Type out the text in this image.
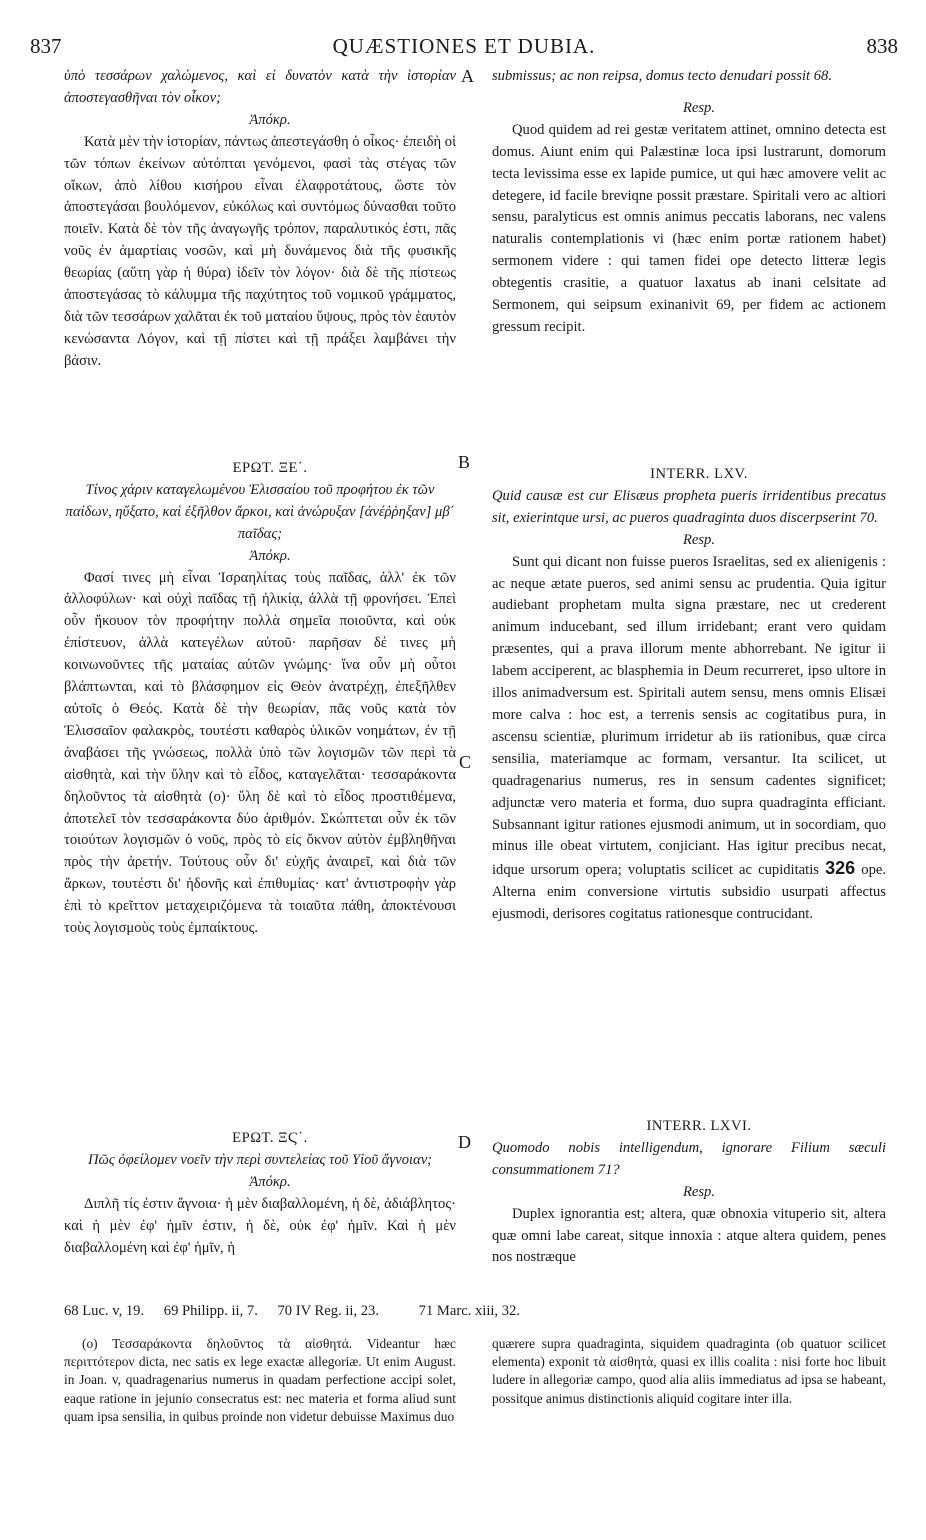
837	QUÆSTIONES ET DUBIA.	838
A
B
C
D

ὑπὸ τεσσάρων χαλώμενος, καὶ εἰ δυνατὸν κατὰ τὴν ἱστορίαν ἀποστεγασθῆναι τὸν οἶκον;

Ἀπόκρ.

Κατὰ μὲν τὴν ἱστορίαν, πάντως ἀπεστεγάσθη ὁ οἶκος· ἐπειδὴ οἱ τῶν τόπων ἐκείνων αὐτόπται γενόμενοι, φασὶ τὰς στέγας τῶν οἴκων, ἀπὸ λίθου κισήρου εἶναι ἐλαφροτάτους, ὥστε τὸν ἀποστεγάσαι βουλόμενον, εὐκόλως καὶ συντόμως δύνασθαι τοῦτο ποιεῖν. Κατὰ δὲ τὸν τῆς ἀναγωγῆς τρόπον, παραλυτικός ἐστι, πᾶς νοῦς ἐν ἁμαρτίαις νοσῶν, καὶ μὴ δυνάμενος διὰ τῆς φυσικῆς θεωρίας (αὕτη γὰρ ἡ θύρα) ἰδεῖν τὸν λόγον· διὰ δὲ τῆς πίστεως ἀποστεγάσας τὸ κάλυμμα τῆς παχύτητος τοῦ νομικοῦ γράμματος, διὰ τῶν τεσσάρων χαλᾶται ἐκ τοῦ ματαίου ὕψους, πρὸς τὸν ἑαυτὸν κενώσαντα Λόγον, καὶ τῇ πίστει καὶ τῇ πράξει λαμβάνει τὴν βάσιν.

ΕΡΩΤ. ΞΕ΄.

Τίνος χάριν καταγελωμένου Ἐλισσαίου τοῦ προφήτου ἐκ τῶν παίδων, ηὔξατο, καὶ ἐξῆλθον ἄρκοι, καὶ ἀνώρυξαν [ἀνέῤῥηξαν] μβ΄ παῖδας;

Ἀπόκρ.

Φασί τινες μὴ εἶναι Ἰσραηλίτας τοὺς παῖδας, ἀλλ' ἐκ τῶν ἀλλοφύλων· καὶ οὐχὶ παῖδας τῇ ἡλικίᾳ, ἀλλὰ τῇ φρονήσει. Ἐπεὶ οὖν ἤκουον τὸν προφήτην πολλὰ σημεῖα ποιοῦντα, καὶ οὐκ ἐπίστευον, ἀλλὰ κατεγέλων αὐτοῦ· παρῆσαν δέ τινες μὴ κοινωνοῦντες τῆς ματαίας αὐτῶν γνώμης· ἵνα οὖν μὴ οὗτοι βλάπτωνται, καὶ τὸ βλάσφημον εἰς Θεὸν ἀνατρέχῃ, ἐπεξῆλθεν αὐτοῖς ὁ Θεός. Κατὰ δὲ τὴν θεωρίαν, πᾶς νοῦς κατὰ τὸν Ἐλισσαῖον φαλακρὸς, τουτέστι καθαρὸς ὑλικῶν νοημάτων, ἐν τῇ ἀναβάσει τῆς γνώσεως, πολλὰ ὑπὸ τῶν λογισμῶν τῶν περὶ τὰ αἰσθητὰ, καὶ τὴν ὕλην καὶ τὸ εἶδος, καταγελᾶται· τεσσαράκοντα δηλοῦντος τὰ αἰσθητὰ (ο)· ὕλη δὲ καὶ τὸ εἶδος προστιθέμενα, ἀποτελεῖ τὸν τεσσαράκοντα δύο ἀριθμόν. Σκώπτεται οὖν ἐκ τῶν τοιούτων λογισμῶν ὁ νοῦς, πρὸς τὸ εἰς ὄκνον αὐτὸν ἐμβληθῆναι πρὸς τὴν ἀρετήν. Τούτους οὖν δι' εὐχῆς ἀναιρεῖ, καὶ διὰ τῶν ἄρκων, τουτέστι δι' ἡδονῆς καὶ ἐπιθυμίας· κατ' ἀντιστροφὴν γὰρ ἐπὶ τὸ κρεῖττον μεταχειριζόμενα τὰ τοιαῦτα πάθη, ἀποκτένουσι τοὺς λογισμοὺς τοὺς ἐμπαίκτους.

ΕΡΩΤ. ΞϚ΄.

Πῶς ὀφείλομεν νοεῖν τὴν περὶ συντελείας τοῦ Υἱοῦ ἄγνοιαν;

Ἀπόκρ.

Διπλῆ τίς ἐστιν ἄγνοια· ἡ μὲν διαβαλλομένη, ἡ δὲ, ἀδιάβλητος· καὶ ἡ μὲν ἐφ' ἡμῖν ἐστιν, ἡ δὲ, οὐκ ἐφ' ἡμῖν. Καὶ ἡ μὲν διαβαλλομένη καὶ ἐφ' ἡμῖν, ἡ

submissus; ac non reipsa, domus tecto denudari possit 68.

Resp.

Quod quidem ad rei gestæ veritatem attinet, omnino detecta est domus. Aiunt enim qui Palæstinæ loca ipsi lustrarunt, domorum tecta levissima esse ex lapide pumice, ut qui hæc amovere velit ac detegere, id facile breviqne possit præstare. Spiritali vero ac altiori sensu, paralyticus est omnis animus peccatis laborans, nec valens naturalis contemplationis vi (hæc enim portæ rationem habet) sermonem videre : qui tamen fidei ope detecto litteræ legis obtegentis crasitie, a quatuor laxatus ab inani celsitate ad Sermonem, qui seipsum exinanivit 69, per fidem ac actionem gressum recipit.

INTERR. LXV.

Quid causæ est cur Elisæus propheta pueris irridentibus precatus sit, exierintque ursi, ac pueros quadraginta duos discerpserint 70.

Resp.

Sunt qui dicant non fuisse pueros Israelitas, sed ex alienigenis : ac neque ætate pueros, sed animi sensu ac prudentia. Quia igitur audiebant prophetam multa signa præstare, nec ut crederent animum inducebant, sed illum irridebant; erant vero quidam præsentes, qui a prava illorum mente abhorrebant. Ne igitur ii labem acciperent, ac blasphemia in Deum recurreret, ipso ultore in illos animadversum est. Spiritali autem sensu, mens omnis Elisæi more calva : hoc est, a terrenis sensis ac cogitatibus pura, in ascensu scientiæ, plurimum irridetur ab iis rationibus, quæ circa sensilia, materiamque ac formam, versantur. Ita scilicet, ut quadragenarius numerus, res in sensum cadentes significet; adjunctæ vero materia et forma, duo supra quadraginta efficiant. Subsannant igitur rationes ejusmodi animum, ut in socordiam, quo minus ille obeat virtutem, conjiciant. Has igitur precibus necat, idque ursorum opera; voluptatis scilicet ac cupiditatis 326 ope. Alterna enim conversione virtutis subsidio usurpati affectus ejusmodi, derisores cogitatus rationesque contrucidant.

INTERR. LXVI.

Quomodo nobis intelligendum, ignorare Filium sæculi consummationem 71?

Resp.

Duplex ignorantia est; altera, quæ obnoxia vituperio sit, altera quæ omni labe careat, sitque innoxia : atque altera quidem, penes nos nostræque

68 Luc. v, 19. 69 Philipp. ii, 7. 70 IV Reg. ii, 23.	71 Marc. xiii, 32.

(ο) Τεσσαράκοντα δηλοῦντος τὰ αἰσθητά. Videantur hæc περιττότερον dicta, nec satis ex lege exactæ allegoriæ. Ut enim August. in Joan. v, quadragenarius numerus in quadam perfectione accipi solet, eaque ratione in jejunio consecratus est: nec materia et forma aliud sunt quam ipsa sensilia, in quibus proinde non videtur debuisse Maximus duo

quærere supra quadraginta, siquidem quadraginta (ob quatuor scilicet elementa) exponit τὰ αἰσθητὰ, quasi ex illis coalita : nisi forte hoc libuit ludere in allegoriæ campo, quod alia aliis immediatus ad ipsa se habeant, possitque animus distinctionis aliquid cogitare inter illa.
